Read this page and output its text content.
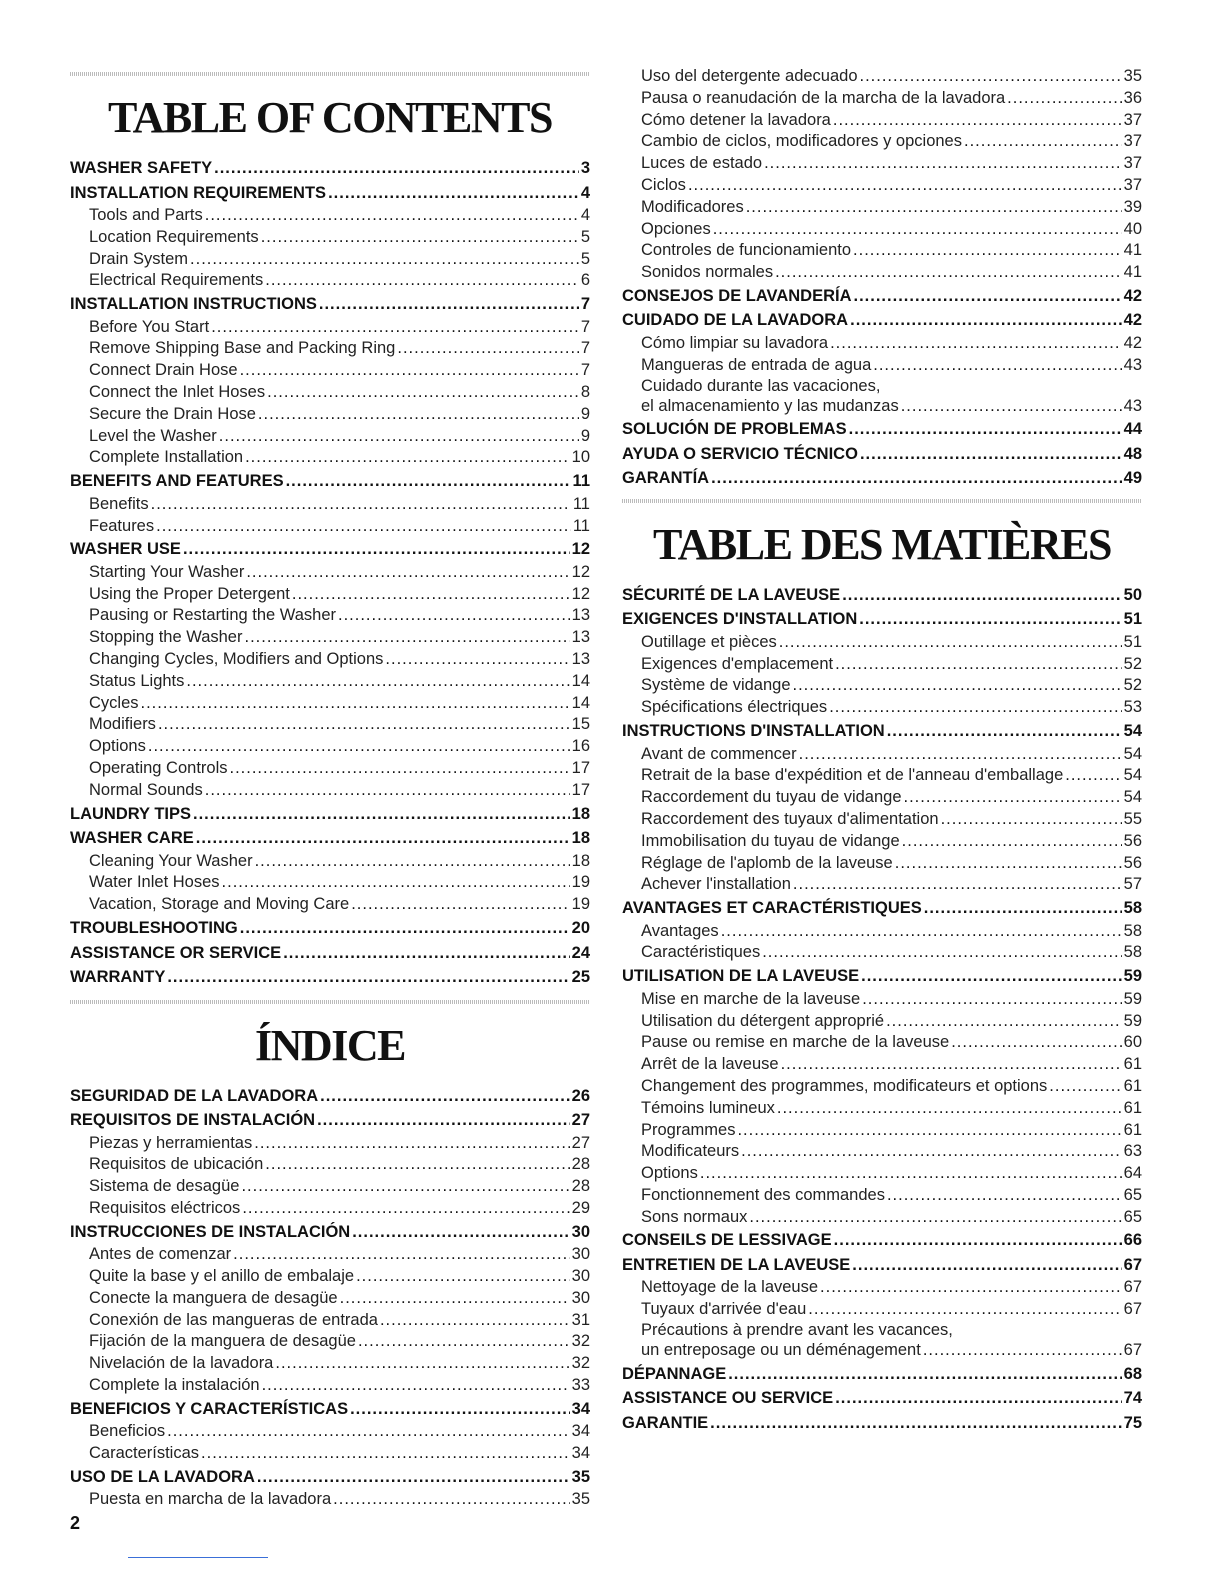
TABLE OF CONTENTS
WASHER SAFETY .....	3
INSTALLATION REQUIREMENTS .....	4
Tools and Parts .....	4
Location Requirements .....	5
Drain System .....	5
Electrical Requirements .....	6
INSTALLATION INSTRUCTIONS .....	7
Before You Start .....	7
Remove Shipping Base and Packing Ring .....	7
Connect Drain Hose .....	7
Connect the Inlet Hoses .....	8
Secure the Drain Hose .....	9
Level the Washer .....	9
Complete Installation .....	10
BENEFITS AND FEATURES .....	11
Benefits .....	11
Features .....	11
WASHER USE .....	12
Starting Your Washer .....	12
Using the Proper Detergent .....	12
Pausing or Restarting the Washer .....	13
Stopping the Washer .....	13
Changing Cycles, Modifiers and Options .....	13
Status Lights .....	14
Cycles .....	14
Modifiers .....	15
Options .....	16
Operating Controls .....	17
Normal Sounds .....	17
LAUNDRY TIPS .....	18
WASHER CARE .....	18
Cleaning Your Washer .....	18
Water Inlet Hoses .....	19
Vacation, Storage and Moving Care .....	19
TROUBLESHOOTING .....	20
ASSISTANCE OR SERVICE .....	24
WARRANTY .....	25
ÍNDICE
SEGURIDAD DE LA LAVADORA .....	26
REQUISITOS DE INSTALACIÓN .....	27
Piezas y herramientas .....	27
Requisitos de ubicación .....	28
Sistema de desagüe .....	28
Requisitos eléctricos .....	29
INSTRUCCIONES DE INSTALACIÓN .....	30
Antes de comenzar .....	30
Quite la base y el anillo de embalaje .....	30
Conecte la manguera de desagüe .....	30
Conexión de las mangueras de entrada .....	31
Fijación de la manguera de desagüe .....	32
Nivelación de la lavadora .....	32
Complete la instalación .....	33
BENEFICIOS Y CARACTERÍSTICAS .....	34
Beneficios .....	34
Características .....	34
USO DE LA LAVADORA .....	35
Puesta en marcha de la lavadora .....	35
Uso del detergente adecuado .....	35
Pausa o reanudación de la marcha de la lavadora .....	36
Cómo detener la lavadora .....	37
Cambio de ciclos, modificadores y opciones .....	37
Luces de estado .....	37
Ciclos .....	37
Modificadores .....	39
Opciones .....	40
Controles de funcionamiento .....	41
Sonidos normales .....	41
CONSEJOS DE LAVANDERÍA .....	42
CUIDADO DE LA LAVADORA .....	42
Cómo limpiar su lavadora .....	42
Mangueras de entrada de agua .....	43
Cuidado durante las vacaciones,
el almacenamiento y las mudanzas .....	43
SOLUCIÓN DE PROBLEMAS .....	44
AYUDA O SERVICIO TÉCNICO .....	48
GARANTÍA .....	49
TABLE DES MATIÈRES
SÉCURITÉ DE LA LAVEUSE .....	50
EXIGENCES D'INSTALLATION .....	51
Outillage et pièces .....	51
Exigences d'emplacement .....	52
Système de vidange .....	52
Spécifications électriques .....	53
INSTRUCTIONS D'INSTALLATION .....	54
Avant de commencer .....	54
Retrait de la base d'expédition et de l'anneau d'emballage .....	54
Raccordement du tuyau de vidange .....	54
Raccordement des tuyaux d'alimentation .....	55
Immobilisation du tuyau de vidange .....	56
Réglage de l'aplomb de la laveuse .....	56
Achever l'installation .....	57
AVANTAGES ET CARACTÉRISTIQUES .....	58
Avantages .....	58
Caractéristiques .....	58
UTILISATION DE LA LAVEUSE .....	59
Mise en marche de la laveuse .....	59
Utilisation du détergent approprié .....	59
Pause ou remise en marche de la laveuse .....	60
Arrêt de la laveuse .....	61
Changement des programmes, modificateurs et options .....	61
Témoins lumineux .....	61
Programmes .....	61
Modificateurs .....	63
Options .....	64
Fonctionnement des commandes .....	65
Sons normaux .....	65
CONSEILS DE LESSIVAGE .....	66
ENTRETIEN DE LA LAVEUSE .....	67
Nettoyage de la laveuse .....	67
Tuyaux d'arrivée d'eau .....	67
Précautions à prendre avant les vacances,
un entreposage ou un déménagement .....	67
DÉPANNAGE .....	68
ASSISTANCE OU SERVICE .....	74
GARANTIE .....	75
2
